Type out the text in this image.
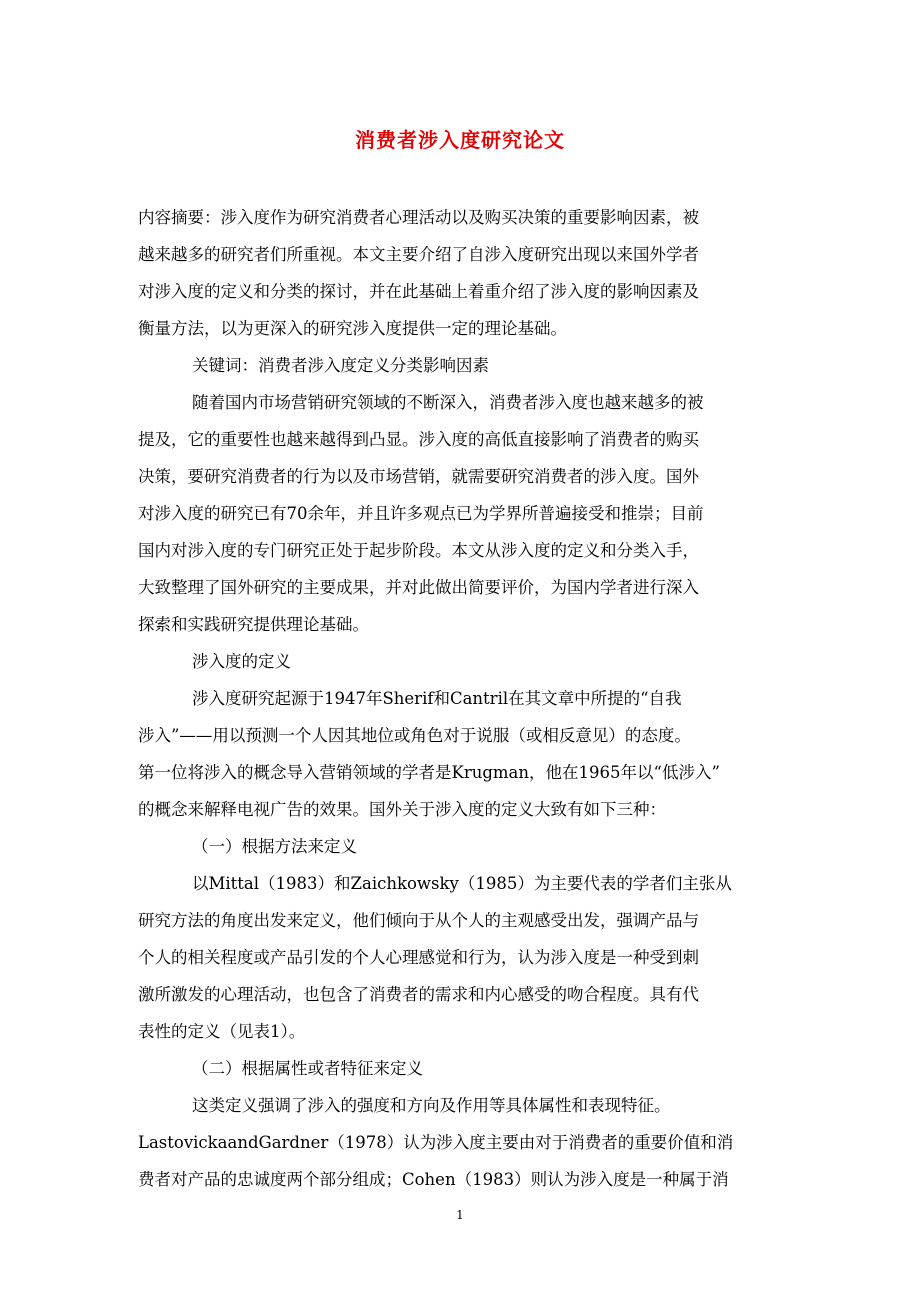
消费者涉入度研究论文
内容摘要：涉入度作为研究消费者心理活动以及购买决策的重要影响因素，被
越来越多的研究者们所重视。本文主要介绍了自涉入度研究出现以来国外学者
对涉入度的定义和分类的探讨，并在此基础上着重介绍了涉入度的影响因素及
衡量方法，以为更深入的研究涉入度提供一定的理论基础。
关键词：消费者涉入度定义分类影响因素
随着国内市场营销研究领域的不断深入，消费者涉入度也越来越多的被
提及，它的重要性也越来越得到凸显。涉入度的高低直接影响了消费者的购买
决策，要研究消费者的行为以及市场营销，就需要研究消费者的涉入度。国外
对涉入度的研究已有70余年，并且许多观点已为学界所普遍接受和推崇；目前
国内对涉入度的专门研究正处于起步阶段。本文从涉入度的定义和分类入手，
大致整理了国外研究的主要成果，并对此做出简要评价，为国内学者进行深入
探索和实践研究提供理论基础。
涉入度的定义
涉入度研究起源于1947年Sherif和Cantril在其文章中所提的“自我
涉入”——用以预测一个人因其地位或角色对于说服（或相反意见）的态度。
第一位将涉入的概念导入营销领域的学者是Krugman，他在1965年以“低涉入”
的概念来解释电视广告的效果。国外关于涉入度的定义大致有如下三种：
（一）根据方法来定义
以Mittal（1983）和Zaichkowsky（1985）为主要代表的学者们主张从
研究方法的角度出发来定义，他们倾向于从个人的主观感受出发，强调产品与
个人的相关程度或产品引发的个人心理感觉和行为，认为涉入度是一种受到刺
激所激发的心理活动，也包含了消费者的需求和内心感受的吻合程度。具有代
表性的定义（见表1）。
（二）根据属性或者特征来定义
这类定义强调了涉入的强度和方向及作用等具体属性和表现特征。
LastovickaandGardner（1978）认为涉入度主要由对于消费者的重要价值和消
费者对产品的忠诚度两个部分组成；Cohen（1983）则认为涉入度是一种属于消
1
